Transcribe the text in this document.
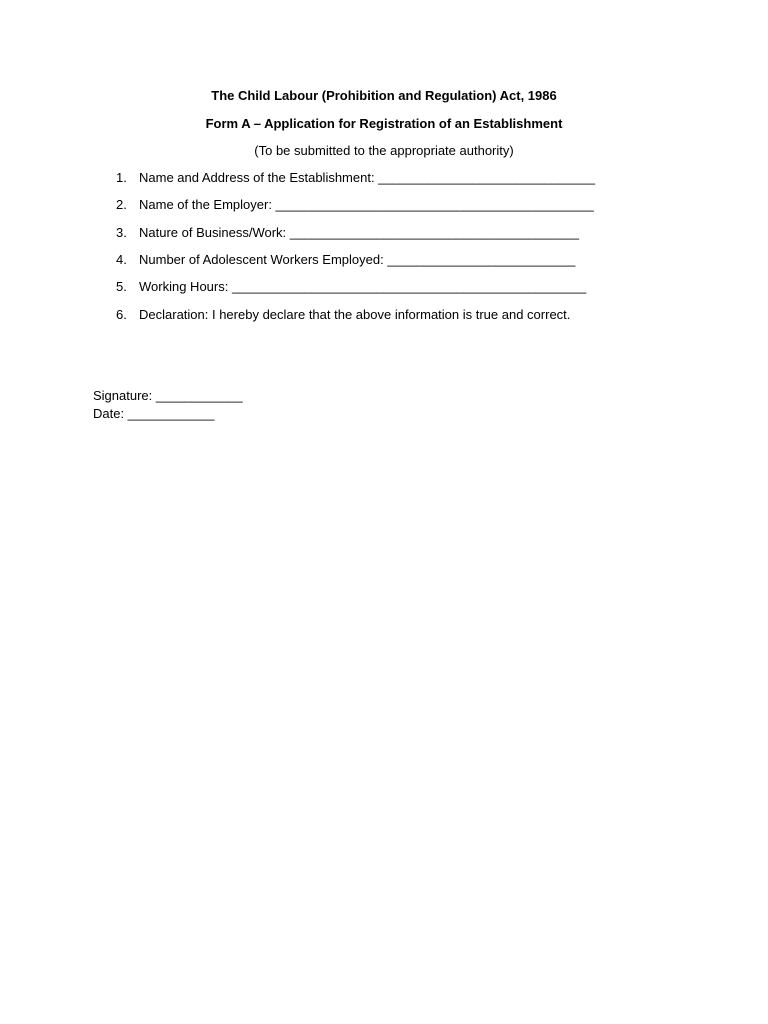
The Child Labour (Prohibition and Regulation) Act, 1986
Form A – Application for Registration of an Establishment
(To be submitted to the appropriate authority)
1. Name and Address of the Establishment: ______________________________
2. Name of the Employer: ____________________________________________
3. Nature of Business/Work: ________________________________________
4. Number of Adolescent Workers Employed: __________________________
5. Working Hours: _________________________________________________
6. Declaration: I hereby declare that the above information is true and correct.
Signature: ____________
Date: ____________
